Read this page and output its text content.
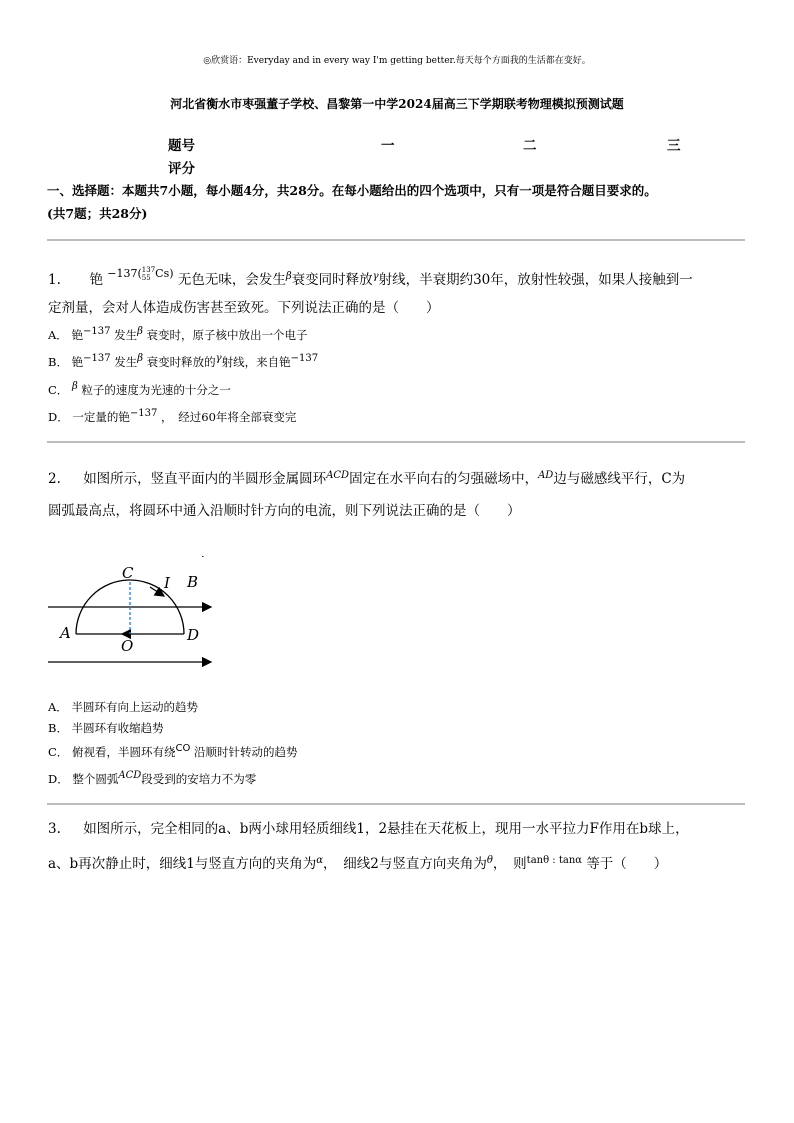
◎欣赏语：Everyday and in every way I'm getting better.每天每个方面我的生活都在变好。
河北省衡水市枣强董子学校、昌黎第一中学2024届高三下学期联考物理模拟预测试题
题号	一	二	三
评分
一、选择题：本题共7小题，每小题4分，共28分。在每小题给出的四个选项中，只有一项是符合题目要求的。
(共7题；共28分)
1. 铯 $^{-137( 137 55 Cs)}$ 无色无味，会发生$^\beta$衰变同时释放$^\gamma$射线，半衰期约30年，放射性较强，如果人接触到一
定剂量，会对人体造成伤害甚至致死。下列说法正确的是（　　）
A． 铯−137 发生β 衰变时，原子核中放出一个电子
B． 铯−137 发生β 衰变时释放的γ射线，来自铯−137
C． β 粒子的速度为光速的十分之一
D． 一定量的铯−137 ，　经过60年将全部衰变完
2. 如图所示，竖直平面内的半圆形金属圆环$^{ACD}$固定在水平向右的匀强磁场中，$^{AD}$边与磁感线平行，C为
圆弧最高点，将圆环中通入沿顺时针方向的电流，则下列说法正确的是（　　）
C
I B
A
O
D
A． 半圆环有向上运动的趋势
B． 半圆环有收缩趋势
C． 俯视看，半圆环有绕CO 沿顺时针转动的趋势
D． 整个圆弧ACD段受到的安培力不为零
3. 如图所示，完全相同的a、b两小球用轻质细线1，2悬挂在天花板上，现用一水平拉力F作用在b球上，
a、b再次静止时，细线1与竖直方向的夹角为$^\alpha$，　细线2与竖直方向夹角为$^\theta$，　则$^{tan\theta : tan\alpha}$ 等于（　　）
